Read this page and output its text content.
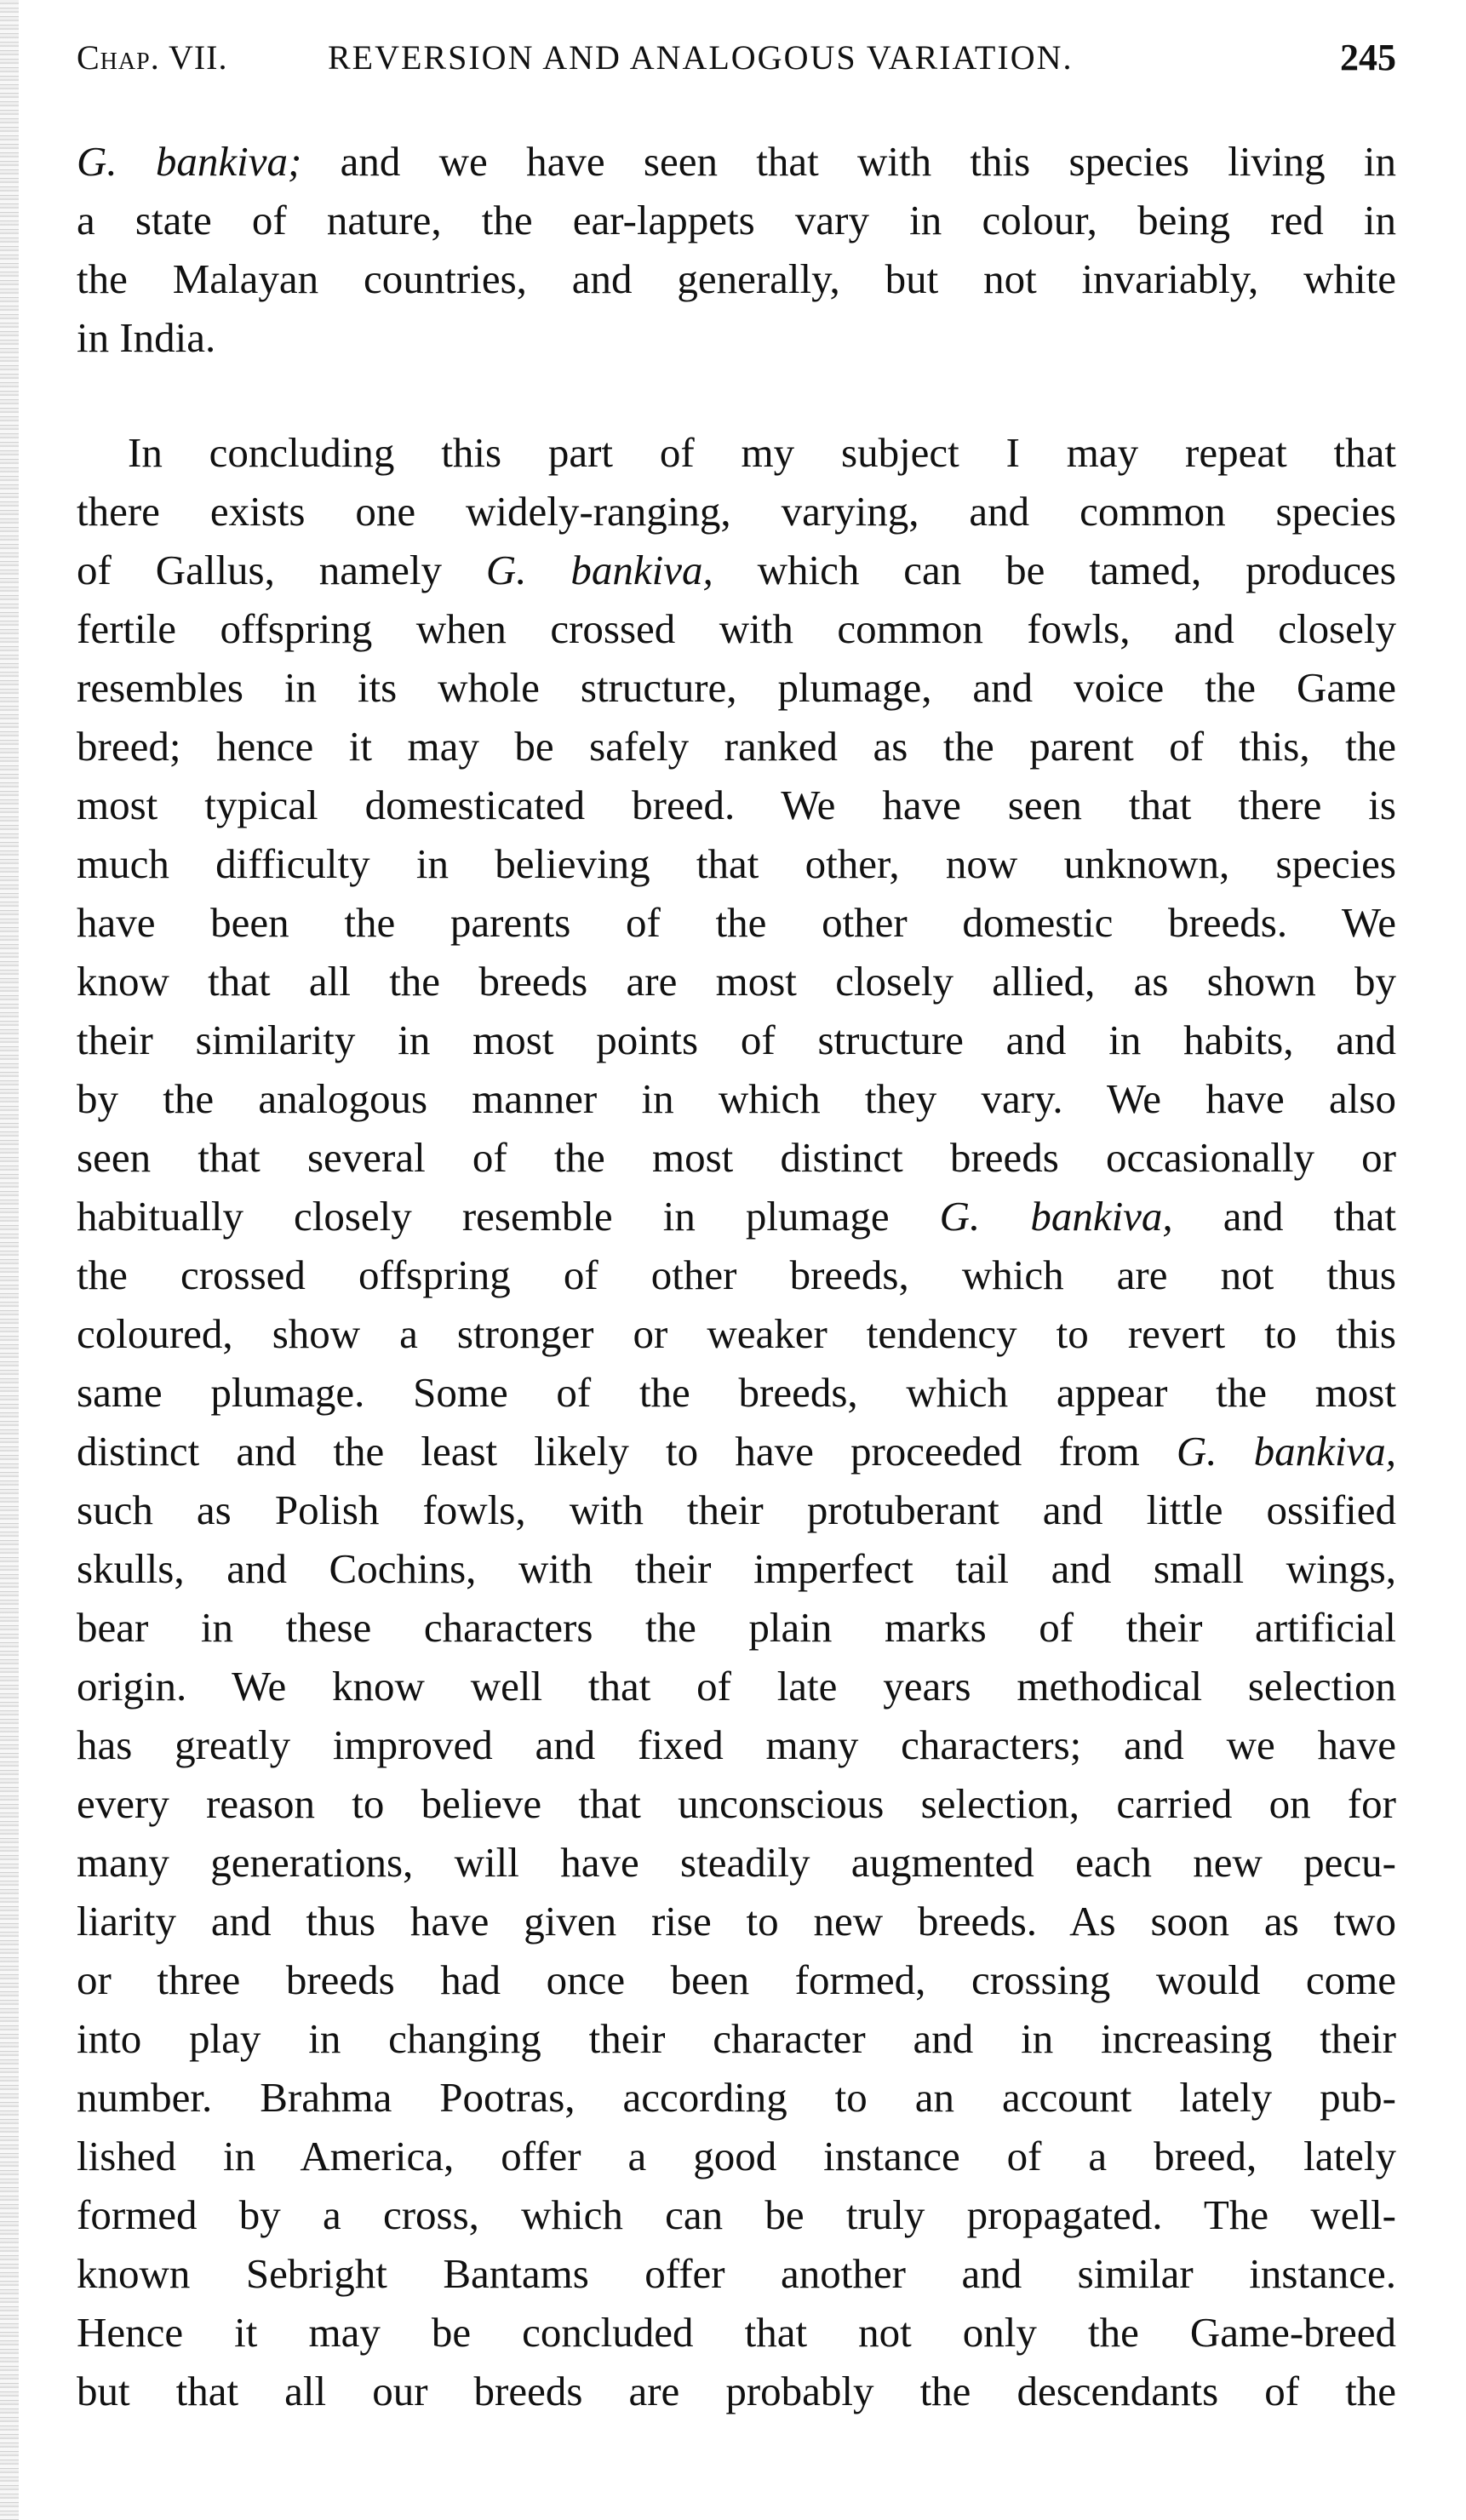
Chap. VII.	REVERSION AND ANALOGOUS VARIATION.	245
G. bankiva; and we have seen that with this species living in
a state of nature, the ear-lappets vary in colour, being red in
the Malayan countries, and generally, but not invariably, white
in India.
In concluding this part of my subject I may repeat that
there exists one widely-ranging, varying, and common species
of Gallus, namely G. bankiva, which can be tamed, produces
fertile offspring when crossed with common fowls, and closely
resembles in its whole structure, plumage, and voice the Game
breed; hence it may be safely ranked as the parent of this, the
most typical domesticated breed. We have seen that there is
much difficulty in believing that other, now unknown, species
have been the parents of the other domestic breeds. We
know that all the breeds are most closely allied, as shown by
their similarity in most points of structure and in habits, and
by the analogous manner in which they vary. We have also
seen that several of the most distinct breeds occasionally or
habitually closely resemble in plumage G. bankiva, and that
the crossed offspring of other breeds, which are not thus
coloured, show a stronger or weaker tendency to revert to this
same plumage. Some of the breeds, which appear the most
distinct and the least likely to have proceeded from G. bankiva,
such as Polish fowls, with their protuberant and little ossified
skulls, and Cochins, with their imperfect tail and small wings,
bear in these characters the plain marks of their artificial
origin. We know well that of late years methodical selection
has greatly improved and fixed many characters; and we have
every reason to believe that unconscious selection, carried on for
many generations, will have steadily augmented each new pecu-
liarity and thus have given rise to new breeds. As soon as two
or three breeds had once been formed, crossing would come
into play in changing their character and in increasing their
number. Brahma Pootras, according to an account lately pub-
lished in America, offer a good instance of a breed, lately
formed by a cross, which can be truly propagated. The well-
known Sebright Bantams offer another and similar instance.
Hence it may be concluded that not only the Game-breed
but that all our breeds are probably the descendants of the
